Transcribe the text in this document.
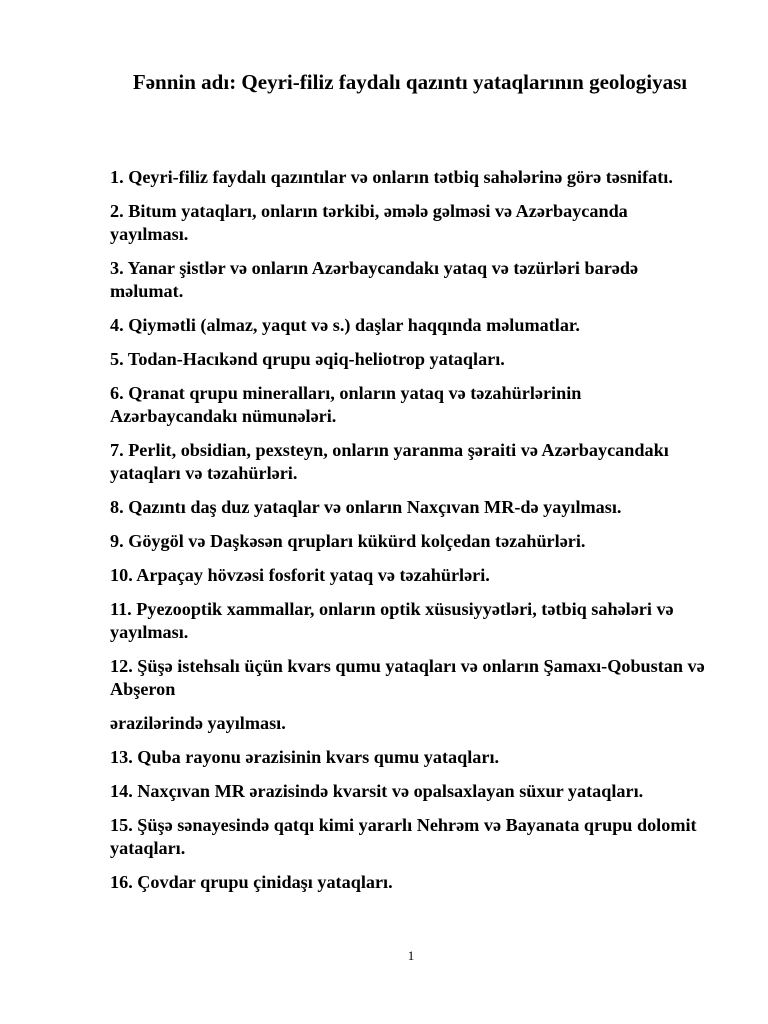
Fənnin adı: Qeyri-filiz faydalı qazıntı yataqlarının geologiyası
1. Qeyri-filiz faydalı qazıntılar və onların tətbiq sahələrinə görə təsnifatı.
2. Bitum yataqları, onların tərkibi, əmələ gəlməsi və Azərbaycanda yayılması.
3. Yanar şistlər və onların Azərbaycandakı yataq və təzürləri barədə məlumat.
4. Qiymətli (almaz, yaqut və s.) daşlar haqqında məlumatlar.
5. Todan-Hacıkənd qrupu əqiq-heliotrop yataqları.
6. Qranat qrupu mineralları, onların yataq və təzahürlərinin Azərbaycandakı nümunələri.
7. Perlit, obsidian, pexsteyn, onların yaranma şəraiti və Azərbaycandakı yataqları və təzahürləri.
8. Qazıntı daş duz yataqlar və onların Naxçıvan MR-də yayılması.
9. Göygöl və Daşkəsən qrupları kükürd kolçedan təzahürləri.
10. Arpaçay hövzəsi fosforit yataq və təzahürləri.
11. Pyezooptik xammallar, onların optik xüsusiyyətləri, tətbiq sahələri və yayılması.
12. Şüşə istehsalı üçün kvars qumu yataqları və onların Şamaxı-Qobustan və Abşeron
ərazilərində yayılması.
13. Quba rayonu ərazisinin kvars qumu yataqları.
14. Naxçıvan MR ərazisində kvarsit və opalsaxlayan süxur yataqları.
15. Şüşə sənayesində qatqı kimi yararlı Nehrəm və Bayanata qrupu dolomit yataqları.
16. Çovdar qrupu çinidaşı yataqları.
1
